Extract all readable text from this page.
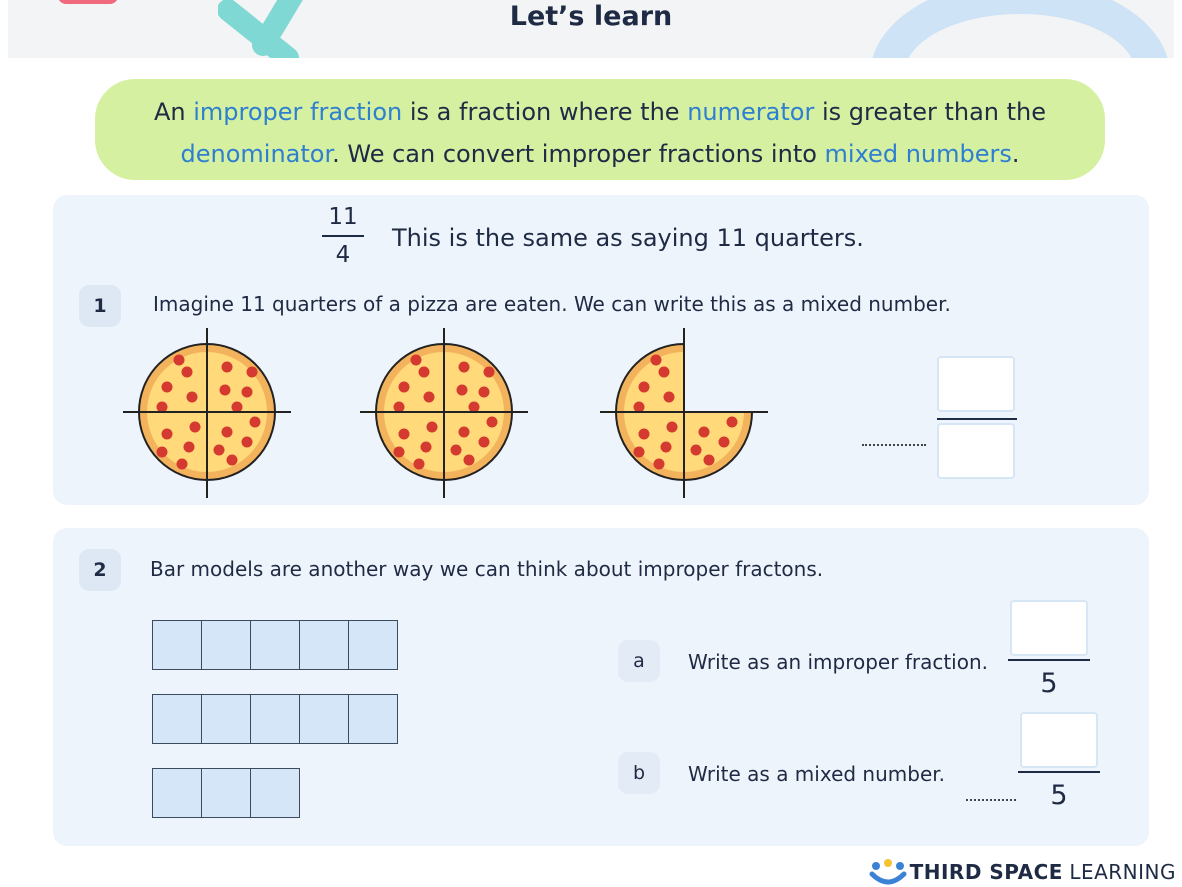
Let’s learn
An improper fraction is a fraction where the numerator is greater than the
denominator. We can convert improper fractions into mixed numbers.
11
4
This is the same as saying 11 quarters.
1	Imagine 11 quarters of a pizza are eaten. We can write this as a mixed number.
2	Bar models are another way we can think about improper fractons.
a	Write as an improper fraction.
5
b	Write as a mixed number.
5
THIRD SPACE
LEARNING
